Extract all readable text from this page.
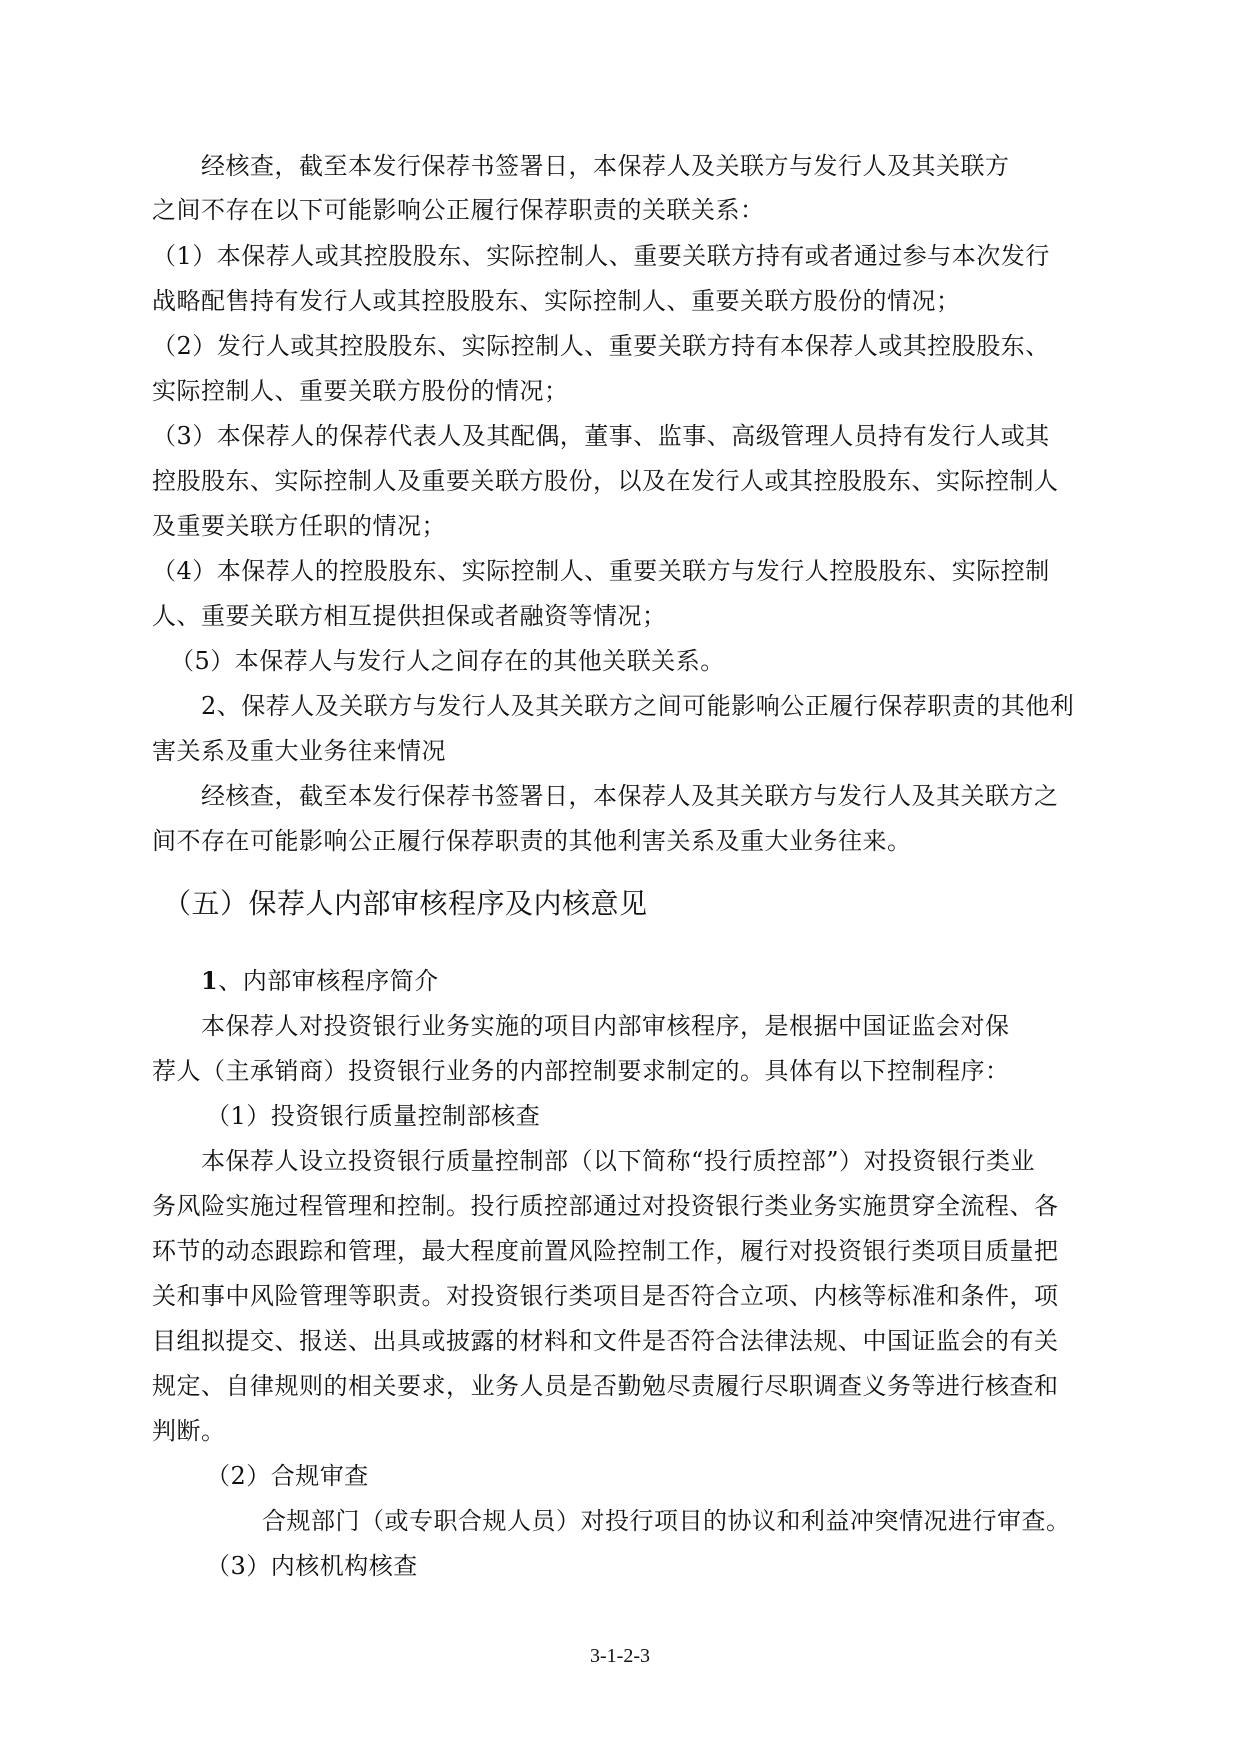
经核查，截至本发行保荐书签署日，本保荐人及关联方与发行人及其关联方
之间不存在以下可能影响公正履行保荐职责的关联关系：
（1）本保荐人或其控股股东、实际控制人、重要关联方持有或者通过参与本次发行
战略配售持有发行人或其控股股东、实际控制人、重要关联方股份的情况；
（2）发行人或其控股股东、实际控制人、重要关联方持有本保荐人或其控股股东、
实际控制人、重要关联方股份的情况；
（3）本保荐人的保荐代表人及其配偶，董事、监事、高级管理人员持有发行人或其
控股股东、实际控制人及重要关联方股份，以及在发行人或其控股股东、实际控制人
及重要关联方任职的情况；
（4）本保荐人的控股股东、实际控制人、重要关联方与发行人控股股东、实际控制
人、重要关联方相互提供担保或者融资等情况；
（5）本保荐人与发行人之间存在的其他关联关系。
2、保荐人及关联方与发行人及其关联方之间可能影响公正履行保荐职责的其他利
害关系及重大业务往来情况
经核查，截至本发行保荐书签署日，本保荐人及其关联方与发行人及其关联方之
间不存在可能影响公正履行保荐职责的其他利害关系及重大业务往来。
（五）保荐人内部审核程序及内核意见
1、内部审核程序简介
本保荐人对投资银行业务实施的项目内部审核程序，是根据中国证监会对保
荐人（主承销商）投资银行业务的内部控制要求制定的。具体有以下控制程序：
（1）投资银行质量控制部核查
本保荐人设立投资银行质量控制部（以下简称“投行质控部”）对投资银行类业
务风险实施过程管理和控制。投行质控部通过对投资银行类业务实施贯穿全流程、各
环节的动态跟踪和管理，最大程度前置风险控制工作，履行对投资银行类项目质量把
关和事中风险管理等职责。对投资银行类项目是否符合立项、内核等标准和条件，项
目组拟提交、报送、出具或披露的材料和文件是否符合法律法规、中国证监会的有关
规定、自律规则的相关要求，业务人员是否勤勉尽责履行尽职调查义务等进行核查和
判断。
（2）合规审查
合规部门（或专职合规人员）对投行项目的协议和利益冲突情况进行审查。
（3）内核机构核查
3-1-2-3
